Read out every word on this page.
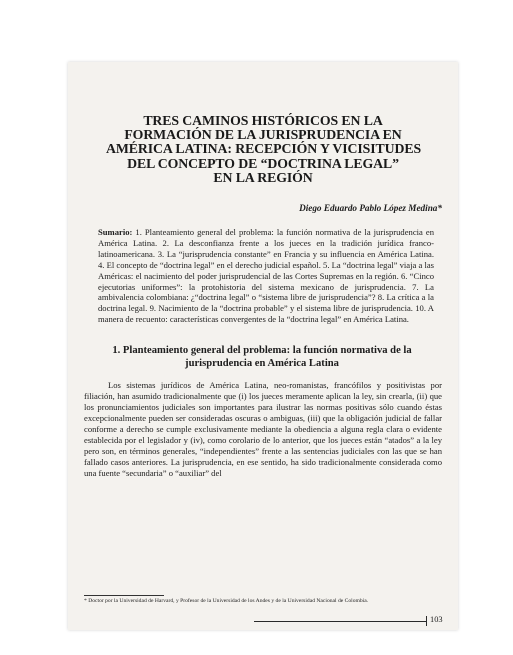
TRES CAMINOS HISTÓRICOS EN LA
FORMACIÓN DE LA JURISPRUDENCIA EN
AMÉRICA LATINA: RECEPCIÓN Y VICISITUDES
DEL CONCEPTO DE “DOCTRINA LEGAL”
EN LA REGIÓN
Diego Eduardo Pablo López Medina*
Sumario: 1. Planteamiento general del problema: la función normativa de la jurisprudencia en América Latina. 2. La desconfianza frente a los jueces en la tradición jurídica franco-latinoamericana. 3. La “jurisprudencia constante” en Francia y su influencia en América Latina. 4. El concepto de “doctrina legal” en el derecho judicial español. 5. La “doctrina legal” viaja a las Américas: el nacimiento del poder jurisprudencial de las Cortes Supremas en la región. 6. “Cinco ejecutorias uniformes”: la protohistoria del sistema mexicano de jurisprudencia. 7. La ambivalencia colombiana: ¿“doctrina legal” o “sistema libre de jurisprudencia”? 8. La crítica a la doctrina legal. 9. Nacimiento de la “doctrina probable” y el sistema libre de jurisprudencia. 10. A manera de recuento: características convergentes de la “doctrina legal” en América Latina.
1. Planteamiento general del problema: la función normativa de la jurisprudencia en América Latina
Los sistemas jurídicos de América Latina, neo-romanistas, francófilos y positivistas por filiación, han asumido tradicionalmente que (i) los jueces meramente aplican la ley, sin crearla, (ii) que los pronunciamientos judiciales son importantes para ilustrar las normas positivas sólo cuando éstas excepcionalmente pueden ser consideradas oscuras o ambiguas, (iii) que la obligación judicial de fallar conforme a derecho se cumple exclusivamente mediante la obediencia a alguna regla clara o evidente establecida por el legislador y (iv), como corolario de lo anterior, que los jueces están “atados” a la ley pero son, en términos generales, “independientes” frente a las sentencias judiciales con las que se han fallado casos anteriores. La jurisprudencia, en ese sentido, ha sido tradicionalmente considerada como una fuente “secundaria” o “auxiliar” del
* Doctor por la Universidad de Harvard, y Profesor de la Universidad de los Andes y de la Universidad Nacional de Colombia.
103
